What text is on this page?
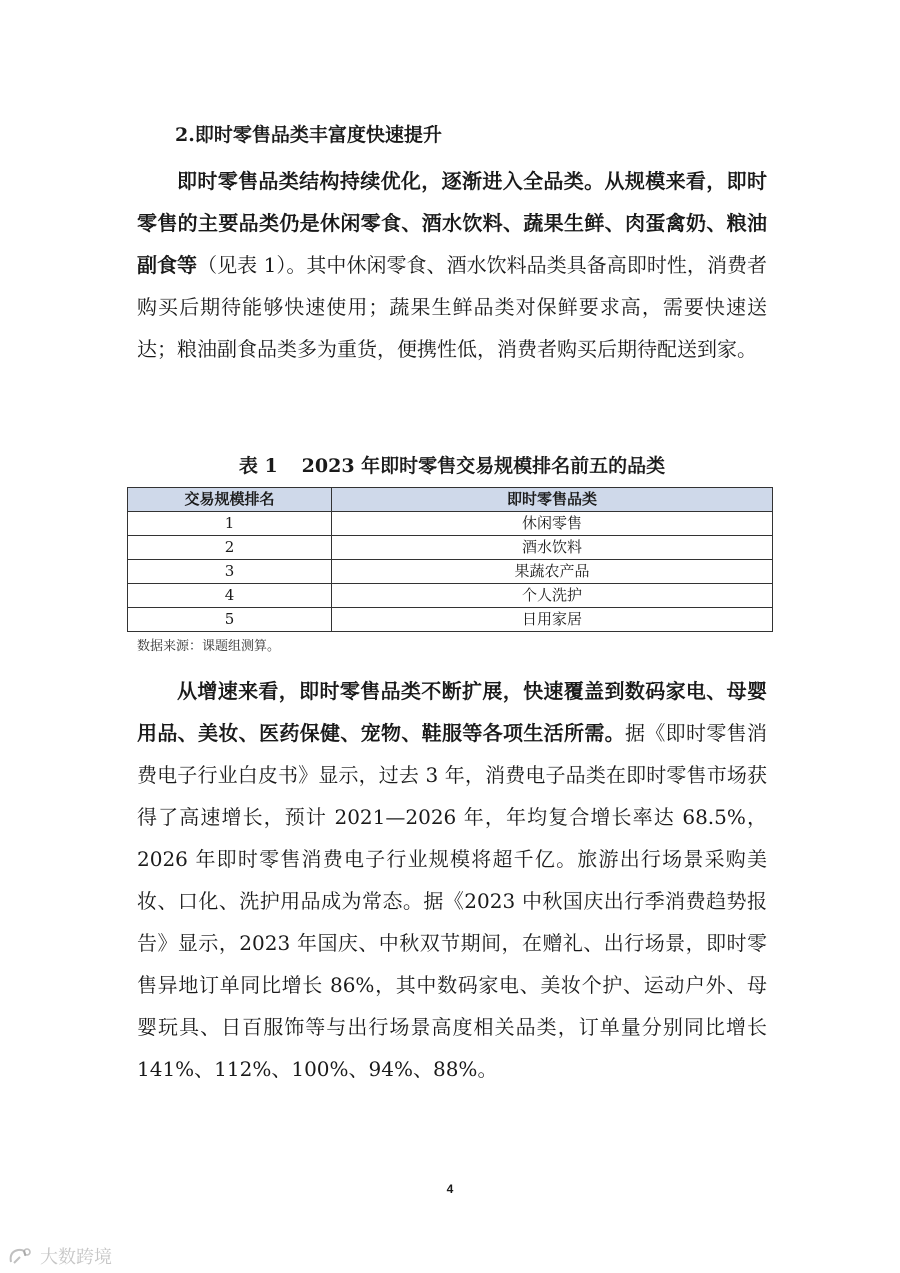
2.即时零售品类丰富度快速提升

即时零售品类结构持续优化，逐渐进入全品类。从规模来看，即时零售的主要品类仍是休闲零食、酒水饮料、蔬果生鲜、肉蛋禽奶、粮油副食等（见表 1）。其中休闲零食、酒水饮料品类具备高即时性，消费者购买后期待能够快速使用；蔬果生鲜品类对保鲜要求高，需要快速送达；粮油副食品类多为重货，便携性低，消费者购买后期待配送到家。

表 1 2023 年即时零售交易规模排名前五的品类
交易规模排名	即时零售品类
1	休闲零售
2	酒水饮料
3	果蔬农产品
4	个人洗护
5	日用家居
数据来源：课题组测算。

从增速来看，即时零售品类不断扩展，快速覆盖到数码家电、母婴用品、美妆、医药保健、宠物、鞋服等各项生活所需。据《即时零售消费电子行业白皮书》显示，过去 3 年，消费电子品类在即时零售市场获得了高速增长，预计 2021—2026 年，年均复合增长率达 68.5%，2026 年即时零售消费电子行业规模将超千亿。旅游出行场景采购美妆、口化、洗护用品成为常态。据《2023 中秋国庆出行季消费趋势报告》显示，2023 年国庆、中秋双节期间，在赠礼、出行场景，即时零售异地订单同比增长 86%，其中数码家电、美妆个护、运动户外、母婴玩具、日百服饰等与出行场景高度相关品类，订单量分别同比增长 141%、112%、100%、94%、88%。

4
大数跨境
